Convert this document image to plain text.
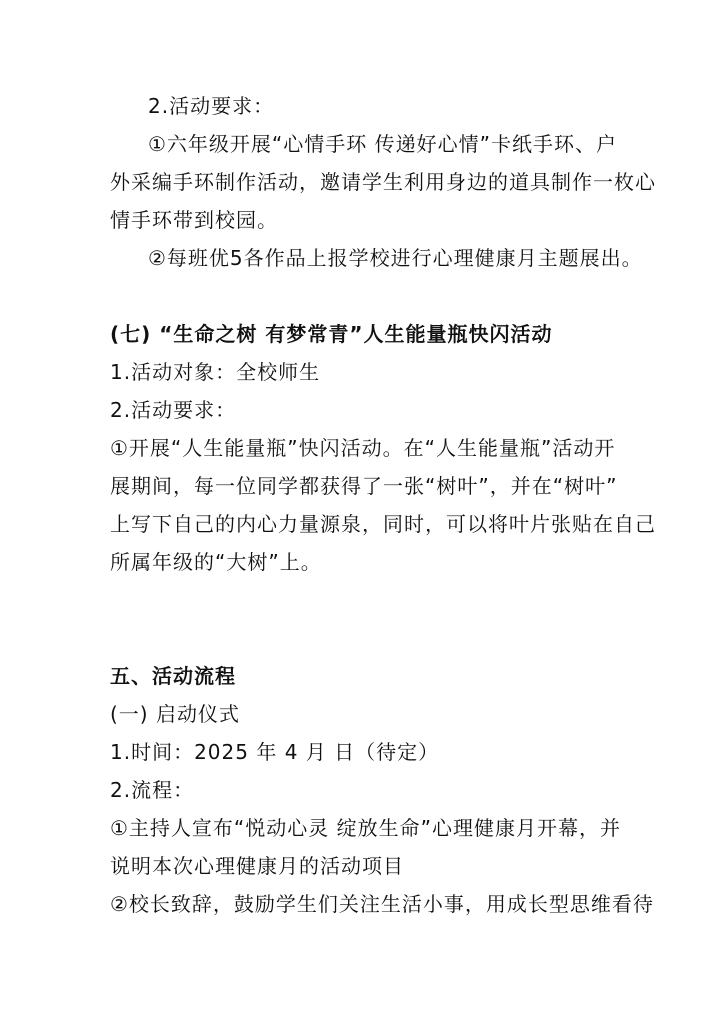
2.活动要求：
①六年级开展“心情手环 传递好心情”卡纸手环、户
外采编手环制作活动，邀请学生利用身边的道具制作一枚心
情手环带到校园。
②每班优5各作品上报学校进行心理健康月主题展出。
(七) “生命之树 有梦常青”人生能量瓶快闪活动
1.活动对象：全校师生
2.活动要求：
①开展“人生能量瓶”快闪活动。在“人生能量瓶”活动开
展期间，每一位同学都获得了一张“树叶”，并在“树叶”
上写下自己的内心力量源泉，同时，可以将叶片张贴在自己
所属年级的“大树”上。
五、活动流程
(一) 启动仪式
1.时间：2025 年 4 月 日（待定）
2.流程：
①主持人宣布“悦动心灵 绽放生命”心理健康月开幕，并
说明本次心理健康月的活动项目
②校长致辞，鼓励学生们关注生活小事，用成长型思维看待
